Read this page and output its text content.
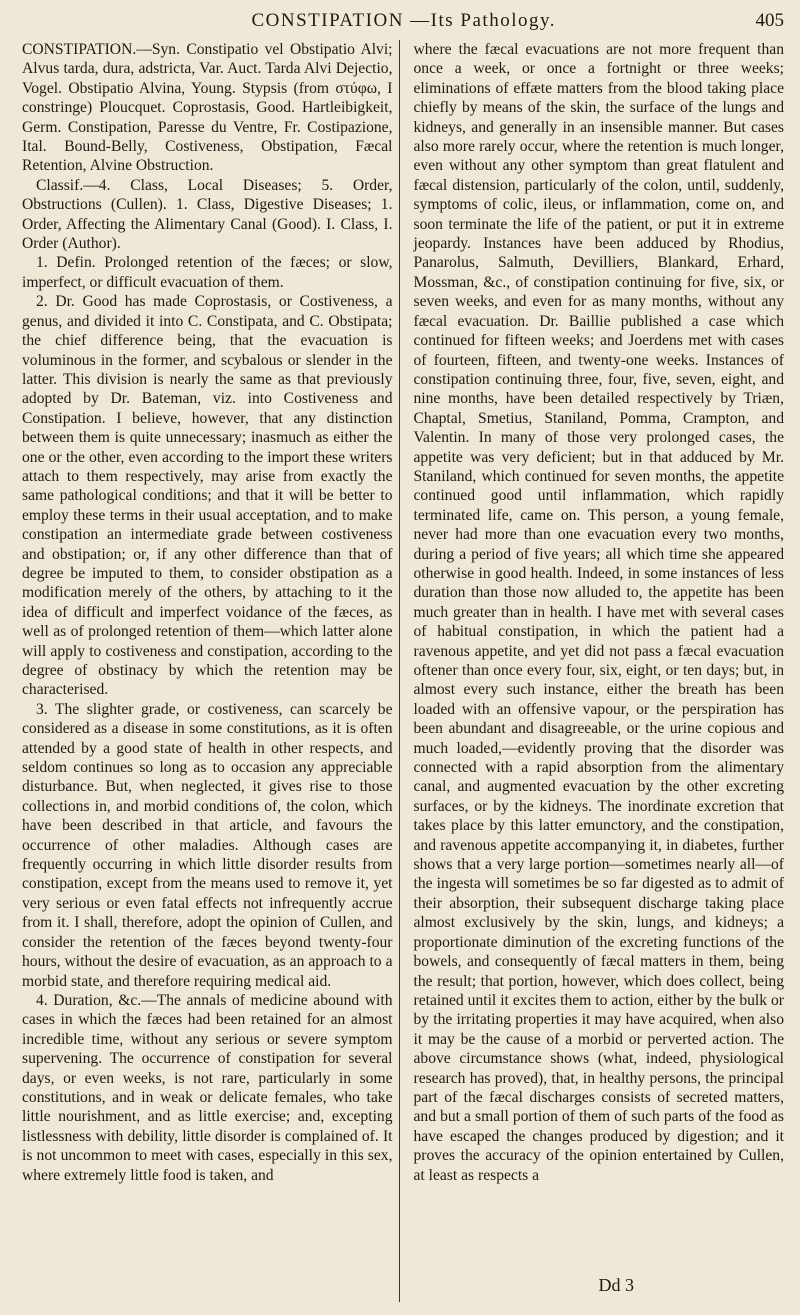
CONSTIPATION —Its Pathology.	405

CONSTIPATION.—Syn. Constipatio vel Obstipatio Alvi; Alvus tarda, dura, adstricta, Var. Auct. Tarda Alvi Dejectio, Vogel. Obstipatio Alvina, Young. Stypsis (from στύφω, I constringe) Ploucquet. Coprostasis, Good. Hartleibigkeit, Germ. Constipation, Paresse du Ventre, Fr. Costipazione, Ital. Bound-Belly, Costiveness, Obstipation, Fæcal Retention, Alvine Obstruction.

Classif.—4. Class, Local Diseases; 5. Order, Obstructions (Cullen). 1. Class, Digestive Diseases; 1. Order, Affecting the Alimentary Canal (Good). I. Class, I. Order (Author).

1. Defin. Prolonged retention of the fæces; or slow, imperfect, or difficult evacuation of them.

2. Dr. Good has made Coprostasis, or Costiveness, a genus, and divided it into C. Constipata, and C. Obstipata; the chief difference being, that the evacuation is voluminous in the former, and scybalous or slender in the latter. This division is nearly the same as that previously adopted by Dr. Bateman, viz. into Costiveness and Constipation. I believe, however, that any distinction between them is quite unnecessary; inasmuch as either the one or the other, even according to the import these writers attach to them respectively, may arise from exactly the same pathological conditions; and that it will be better to employ these terms in their usual acceptation, and to make constipation an intermediate grade between costiveness and obstipation; or, if any other difference than that of degree be imputed to them, to consider obstipation as a modification merely of the others, by attaching to it the idea of difficult and imperfect voidance of the fæces, as well as of prolonged retention of them—which latter alone will apply to costiveness and constipation, according to the degree of obstinacy by which the retention may be characterised.

3. The slighter grade, or costiveness, can scarcely be considered as a disease in some constitutions, as it is often attended by a good state of health in other respects, and seldom continues so long as to occasion any appreciable disturbance. But, when neglected, it gives rise to those collections in, and morbid conditions of, the colon, which have been described in that article, and favours the occurrence of other maladies. Although cases are frequently occurring in which little disorder results from constipation, except from the means used to remove it, yet very serious or even fatal effects not infrequently accrue from it. I shall, therefore, adopt the opinion of Cullen, and consider the retention of the fæces beyond twenty-four hours, without the desire of evacuation, as an approach to a morbid state, and therefore requiring medical aid.

4. Duration, &c.—The annals of medicine abound with cases in which the fæces had been retained for an almost incredible time, without any serious or severe symptom supervening. The occurrence of constipation for several days, or even weeks, is not rare, particularly in some constitutions, and in weak or delicate females, who take little nourishment, and as little exercise; and, excepting listlessness with debility, little disorder is complained of. It is not uncommon to meet with cases, especially in this sex, where extremely little food is taken, and

where the fæcal evacuations are not more frequent than once a week, or once a fortnight or three weeks; eliminations of effæte matters from the blood taking place chiefly by means of the skin, the surface of the lungs and kidneys, and generally in an insensible manner. But cases also more rarely occur, where the retention is much longer, even without any other symptom than great flatulent and fæcal distension, particularly of the colon, until, suddenly, symptoms of colic, ileus, or inflammation, come on, and soon terminate the life of the patient, or put it in extreme jeopardy. Instances have been adduced by Rhodius, Panarolus, Salmuth, Devilliers, Blankard, Erhard, Mossman, &c., of constipation continuing for five, six, or seven weeks, and even for as many months, without any fæcal evacuation. Dr. Baillie published a case which continued for fifteen weeks; and Joerdens met with cases of fourteen, fifteen, and twenty-one weeks. Instances of constipation continuing three, four, five, seven, eight, and nine months, have been detailed respectively by Triæn, Chaptal, Smetius, Staniland, Pomma, Crampton, and Valentin. In many of those very prolonged cases, the appetite was very deficient; but in that adduced by Mr. Staniland, which continued for seven months, the appetite continued good until inflammation, which rapidly terminated life, came on. This person, a young female, never had more than one evacuation every two months, during a period of five years; all which time she appeared otherwise in good health. Indeed, in some instances of less duration than those now alluded to, the appetite has been much greater than in health. I have met with several cases of habitual constipation, in which the patient had a ravenous appetite, and yet did not pass a fæcal evacuation oftener than once every four, six, eight, or ten days; but, in almost every such instance, either the breath has been loaded with an offensive vapour, or the perspiration has been abundant and disagreeable, or the urine copious and much loaded,—evidently proving that the disorder was connected with a rapid absorption from the alimentary canal, and augmented evacuation by the other excreting surfaces, or by the kidneys. The inordinate excretion that takes place by this latter emunctory, and the constipation, and ravenous appetite accompanying it, in diabetes, further shows that a very large portion—sometimes nearly all—of the ingesta will sometimes be so far digested as to admit of their absorption, their subsequent discharge taking place almost exclusively by the skin, lungs, and kidneys; a proportionate diminution of the excreting functions of the bowels, and consequently of fæcal matters in them, being the result; that portion, however, which does collect, being retained until it excites them to action, either by the bulk or by the irritating properties it may have acquired, when also it may be the cause of a morbid or perverted action. The above circumstance shows (what, indeed, physiological research has proved), that, in healthy persons, the principal part of the fæcal discharges consists of secreted matters, and but a small portion of them of such parts of the food as have escaped the changes produced by digestion; and it proves the accuracy of the opinion entertained by Cullen, at least as respects a

Dd 3
